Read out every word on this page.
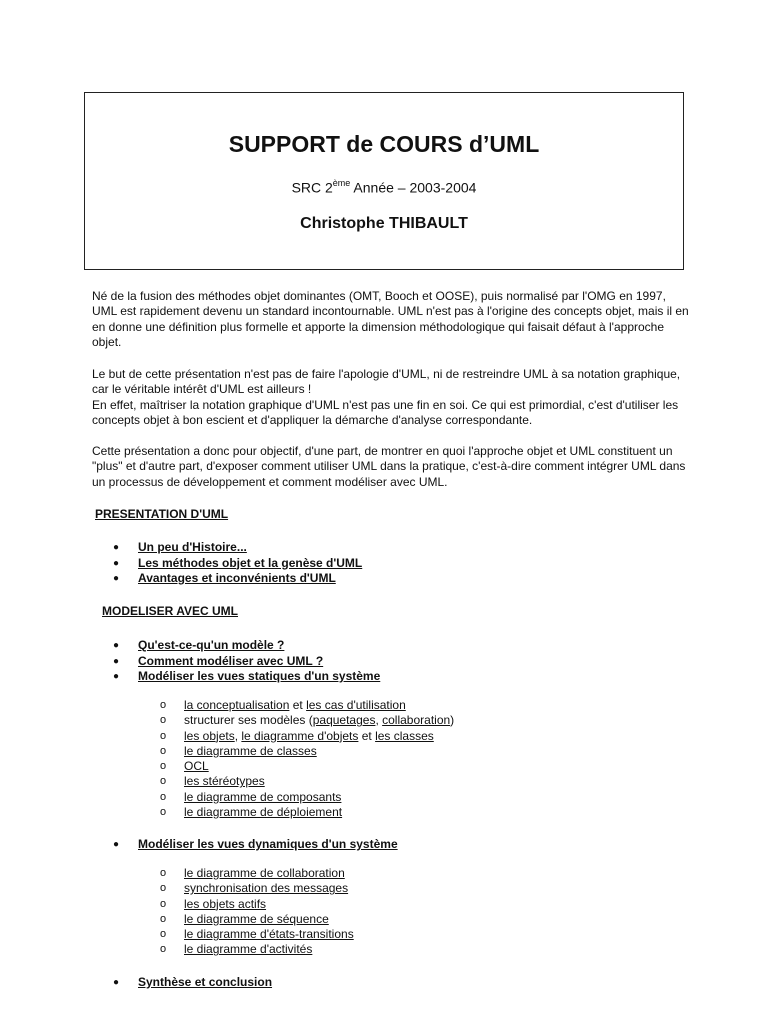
SUPPORT de COURS d’UML
SRC 2ème Année – 2003-2004
Christophe THIBAULT
Né de la fusion des méthodes objet dominantes (OMT, Booch et OOSE), puis normalisé par l'OMG en 1997, UML est rapidement devenu un standard incontournable. UML n'est pas à l'origine des concepts objet, mais il en en donne une définition plus formelle et apporte la dimension méthodologique qui faisait défaut à l'approche objet.
Le but de cette présentation n'est pas de faire l'apologie d'UML, ni de restreindre UML à sa notation graphique, car le véritable intérêt d'UML est ailleurs !
En effet, maîtriser la notation graphique d'UML n'est pas une fin en soi. Ce qui est primordial, c'est d'utiliser les concepts objet à bon escient et d'appliquer la démarche d'analyse correspondante.
Cette présentation a donc pour objectif, d'une part, de montrer en quoi l'approche objet et UML constituent un "plus" et d'autre part, d'exposer comment utiliser UML dans la pratique, c'est-à-dire comment intégrer UML dans un processus de développement et comment modéliser avec UML.
PRESENTATION D'UML
● Un peu d'Histoire...
● Les méthodes objet et la genèse d'UML
● Avantages et inconvénients d'UML
MODELISER AVEC UML
● Qu'est-ce-qu'un modèle ?
● Comment modéliser avec UML ?
● Modéliser les vues statiques d'un système
o la conceptualisation et les cas d'utilisation
o structurer ses modèles (paquetages, collaboration)
o les objets, le diagramme d'objets et les classes
o le diagramme de classes
o OCL
o les stéréotypes
o le diagramme de composants
o le diagramme de déploiement
● Modéliser les vues dynamiques d'un système
o le diagramme de collaboration
o synchronisation des messages
o les objets actifs
o le diagramme de séquence
o le diagramme d'états-transitions
o le diagramme d'activités
● Synthèse et conclusion
